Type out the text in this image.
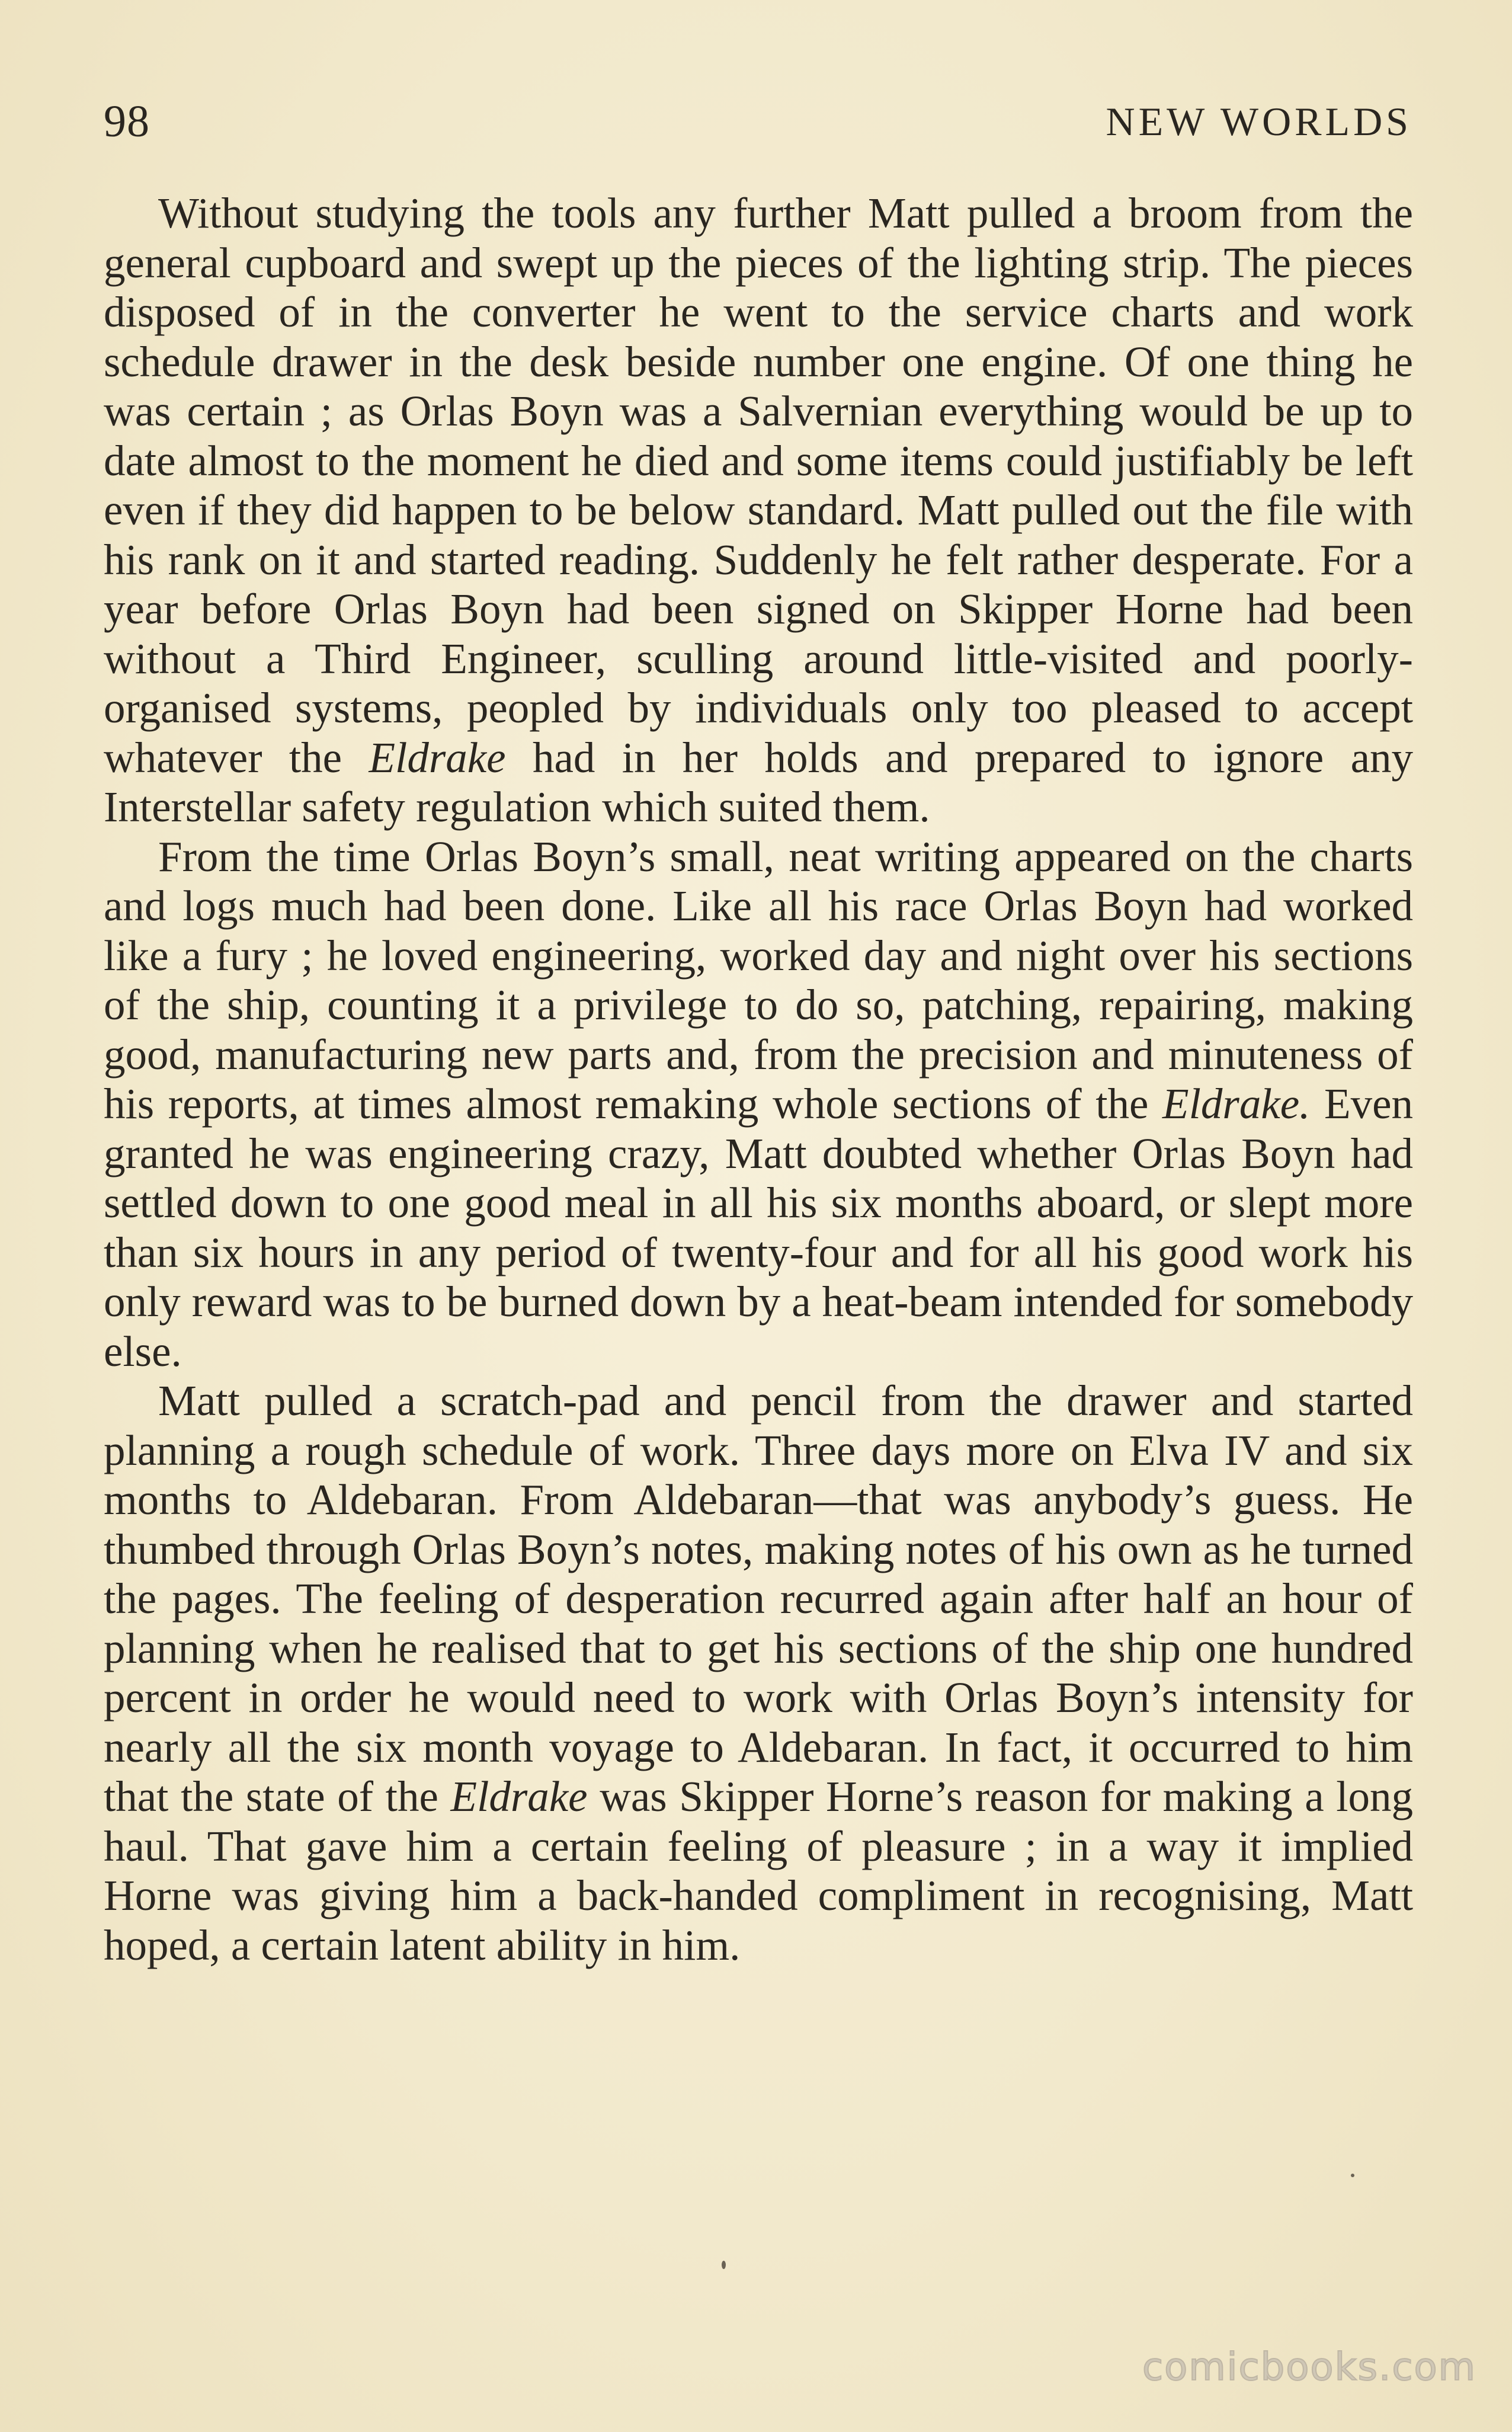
98	NEW WORLDS

Without studying the tools any further Matt pulled a broom from the general cupboard and swept up the pieces of the lighting strip. The pieces disposed of in the converter he went to the service charts and work schedule drawer in the desk beside number one engine. Of one thing he was certain ; as Orlas Boyn was a Salvernian everything would be up to date almost to the moment he died and some items could justifiably be left even if they did happen to be below standard. Matt pulled out the file with his rank on it and started reading. Suddenly he felt rather desperate. For a year before Orlas Boyn had been signed on Skipper Horne had been without a Third Engineer, sculling around little-visited and poorly-organised systems, peopled by individuals only too pleased to accept whatever the Eldrake had in her holds and prepared to ignore any Interstellar safety regulation which suited them.

From the time Orlas Boyn’s small, neat writing appeared on the charts and logs much had been done. Like all his race Orlas Boyn had worked like a fury ; he loved engineering, worked day and night over his sections of the ship, counting it a privilege to do so, patching, repairing, making good, manufacturing new parts and, from the precision and minuteness of his reports, at times almost remaking whole sections of the Eldrake. Even granted he was engineering crazy, Matt doubted whether Orlas Boyn had settled down to one good meal in all his six months aboard, or slept more than six hours in any period of twenty-four and for all his good work his only reward was to be burned down by a heat-beam intended for somebody else.

Matt pulled a scratch-pad and pencil from the drawer and started planning a rough schedule of work. Three days more on Elva IV and six months to Aldebaran. From Aldebaran—that was anybody’s guess. He thumbed through Orlas Boyn’s notes, making notes of his own as he turned the pages. The feeling of desperation recurred again after half an hour of planning when he realised that to get his sections of the ship one hundred percent in order he would need to work with Orlas Boyn’s intensity for nearly all the six month voyage to Aldebaran. In fact, it occurred to him that the state of the Eldrake was Skipper Horne’s reason for making a long haul. That gave him a certain feeling of pleasure ; in a way it implied Horne was giving him a back-handed compliment in recognising, Matt hoped, a certain latent ability in him.

comicbooks.com
